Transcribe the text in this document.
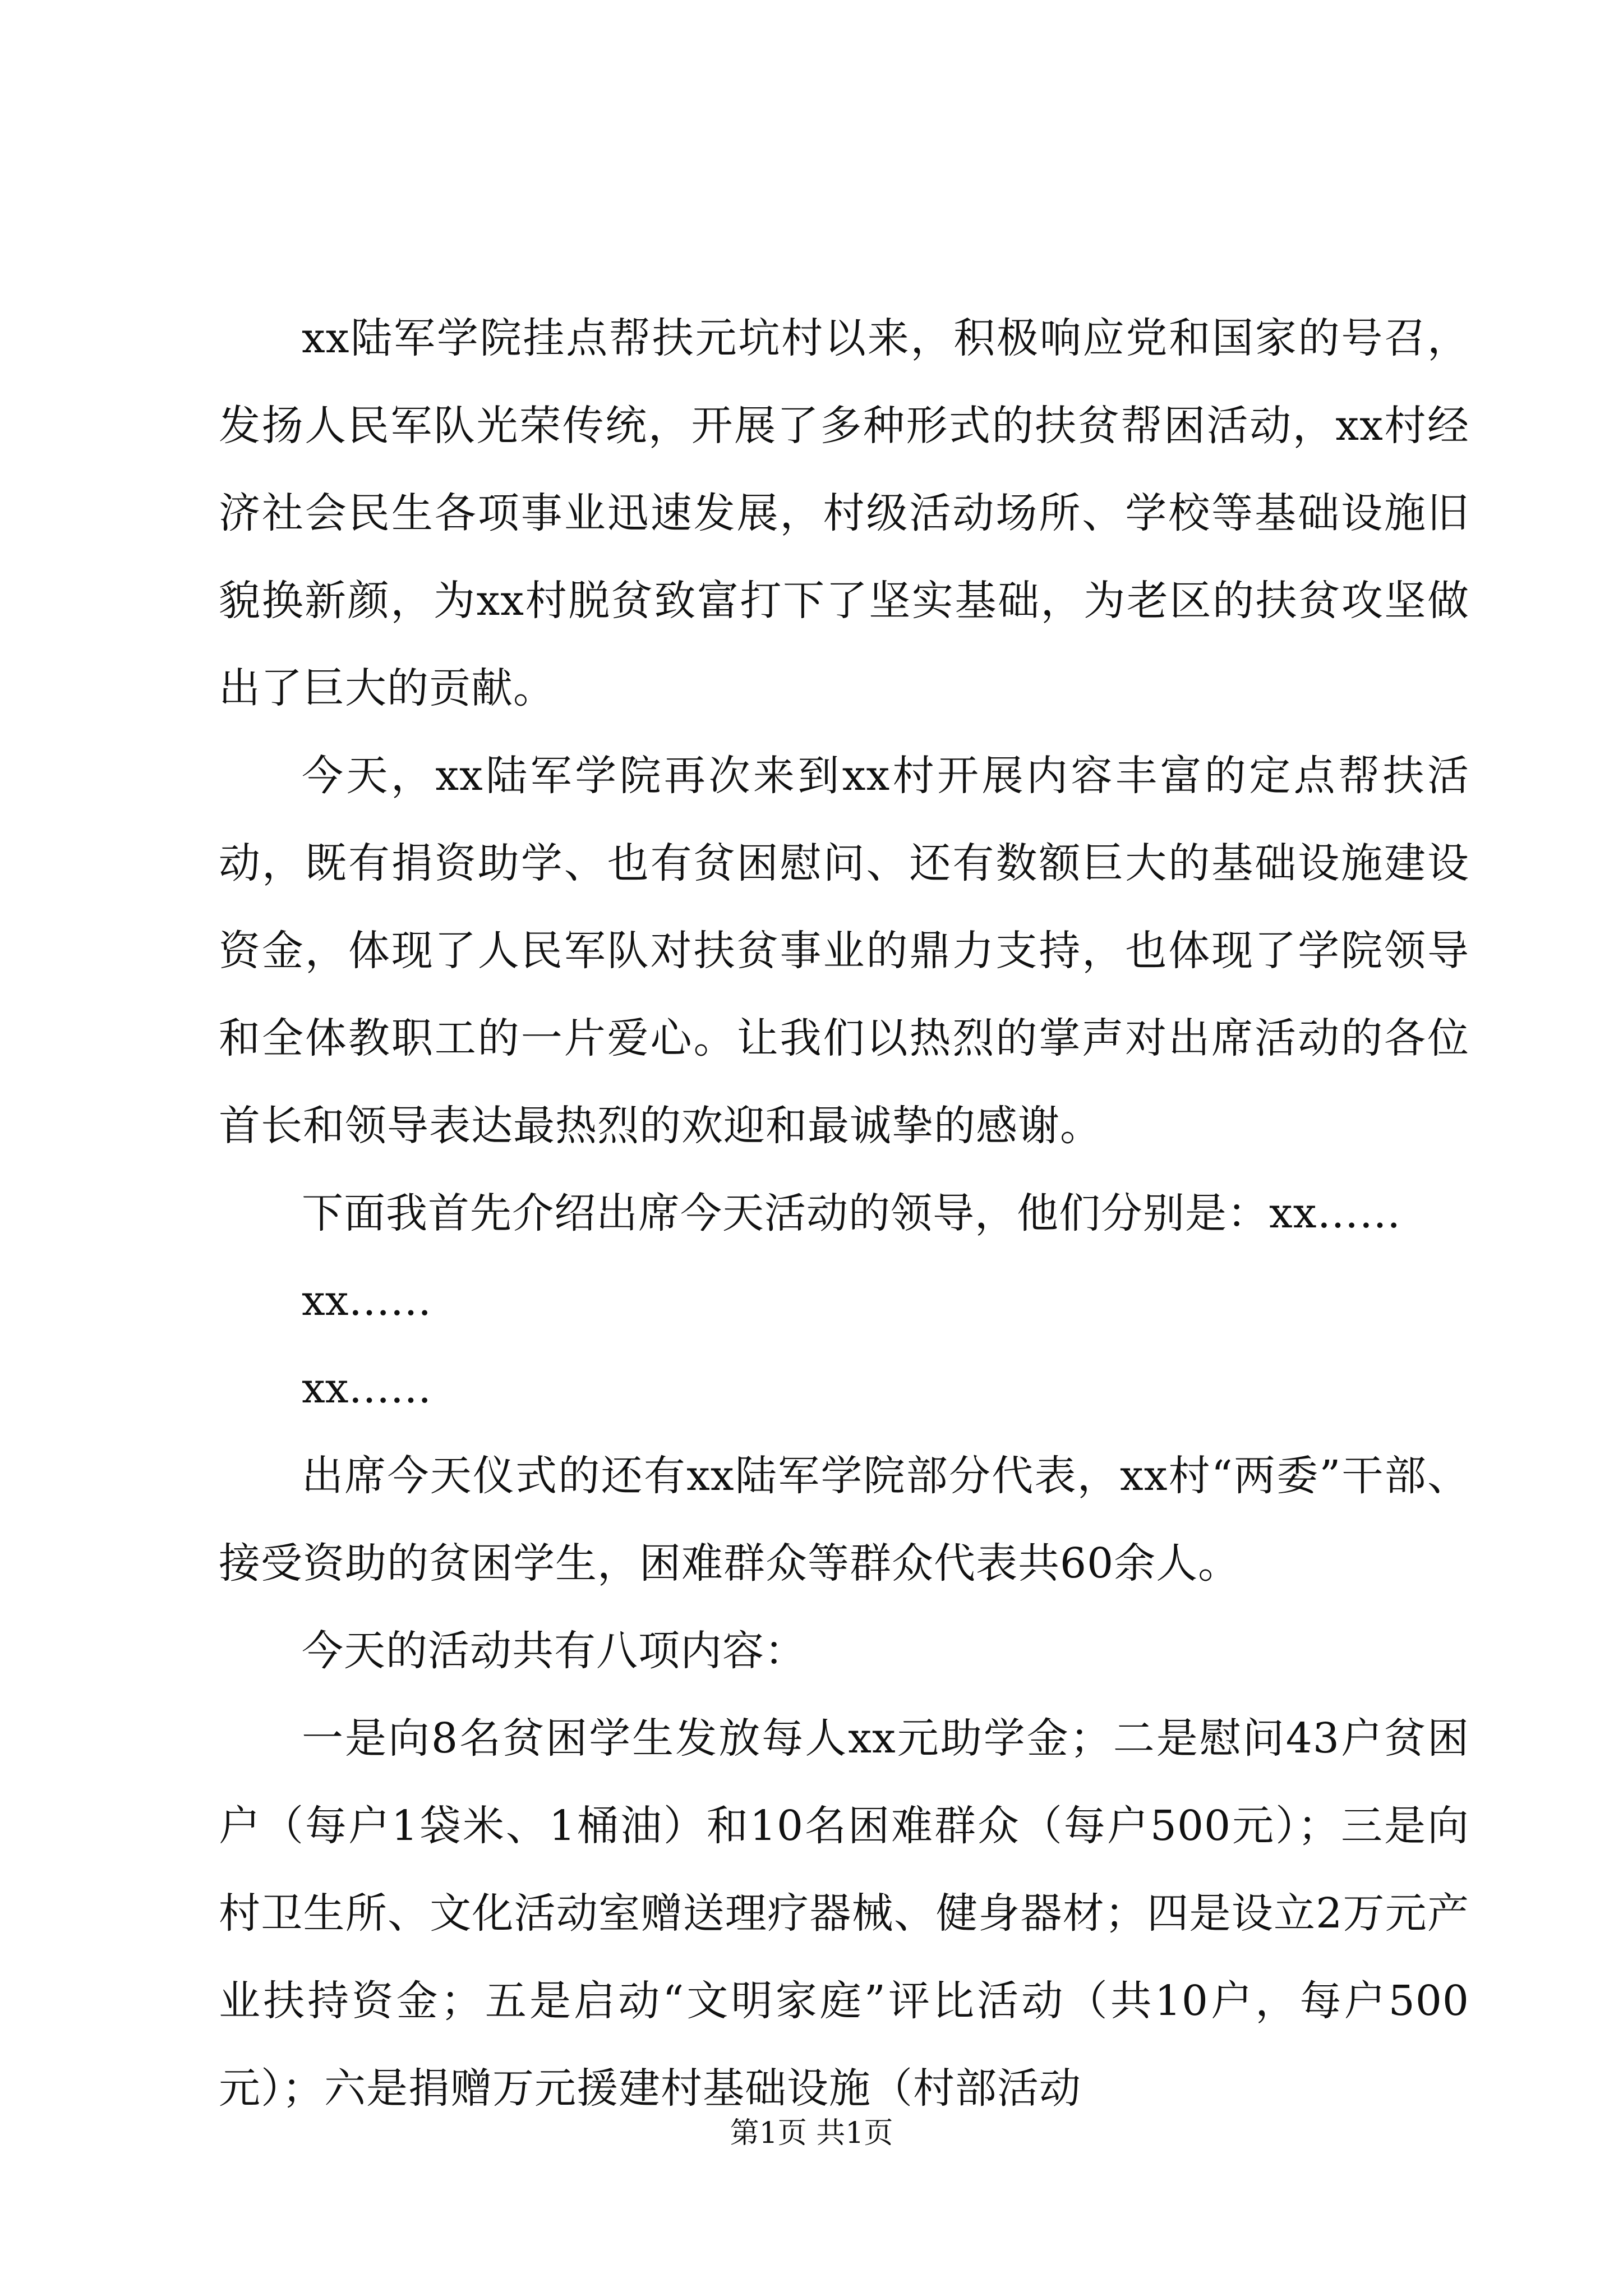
xx陆军学院挂点帮扶元坑村以来，积极响应党和国家的号召，发扬人民军队光荣传统，开展了多种形式的扶贫帮困活动，xx村经济社会民生各项事业迅速发展，村级活动场所、学校等基础设施旧貌换新颜，为xx村脱贫致富打下了坚实基础，为老区的扶贫攻坚做出了巨大的贡献。

今天，xx陆军学院再次来到xx村开展内容丰富的定点帮扶活动，既有捐资助学、也有贫困慰问、还有数额巨大的基础设施建设资金，体现了人民军队对扶贫事业的鼎力支持，也体现了学院领导和全体教职工的一片爱心。让我们以热烈的掌声对出席活动的各位首长和领导表达最热烈的欢迎和最诚挚的感谢。

下面我首先介绍出席今天活动的领导，他们分别是：xx……

xx……

xx……

出席今天仪式的还有xx陆军学院部分代表，xx村“两委”干部、接受资助的贫困学生，困难群众等群众代表共60余人。

今天的活动共有八项内容：

一是向8名贫困学生发放每人xx元助学金；二是慰问43户贫困户（每户1袋米、1桶油）和10名困难群众（每户500元）；三是向村卫生所、文化活动室赠送理疗器械、健身器材；四是设立2万元产业扶持资金；五是启动“文明家庭”评比活动（共10户，每户500元）；六是捐赠万元援建村基础设施（村部活动

第1页 共1页
